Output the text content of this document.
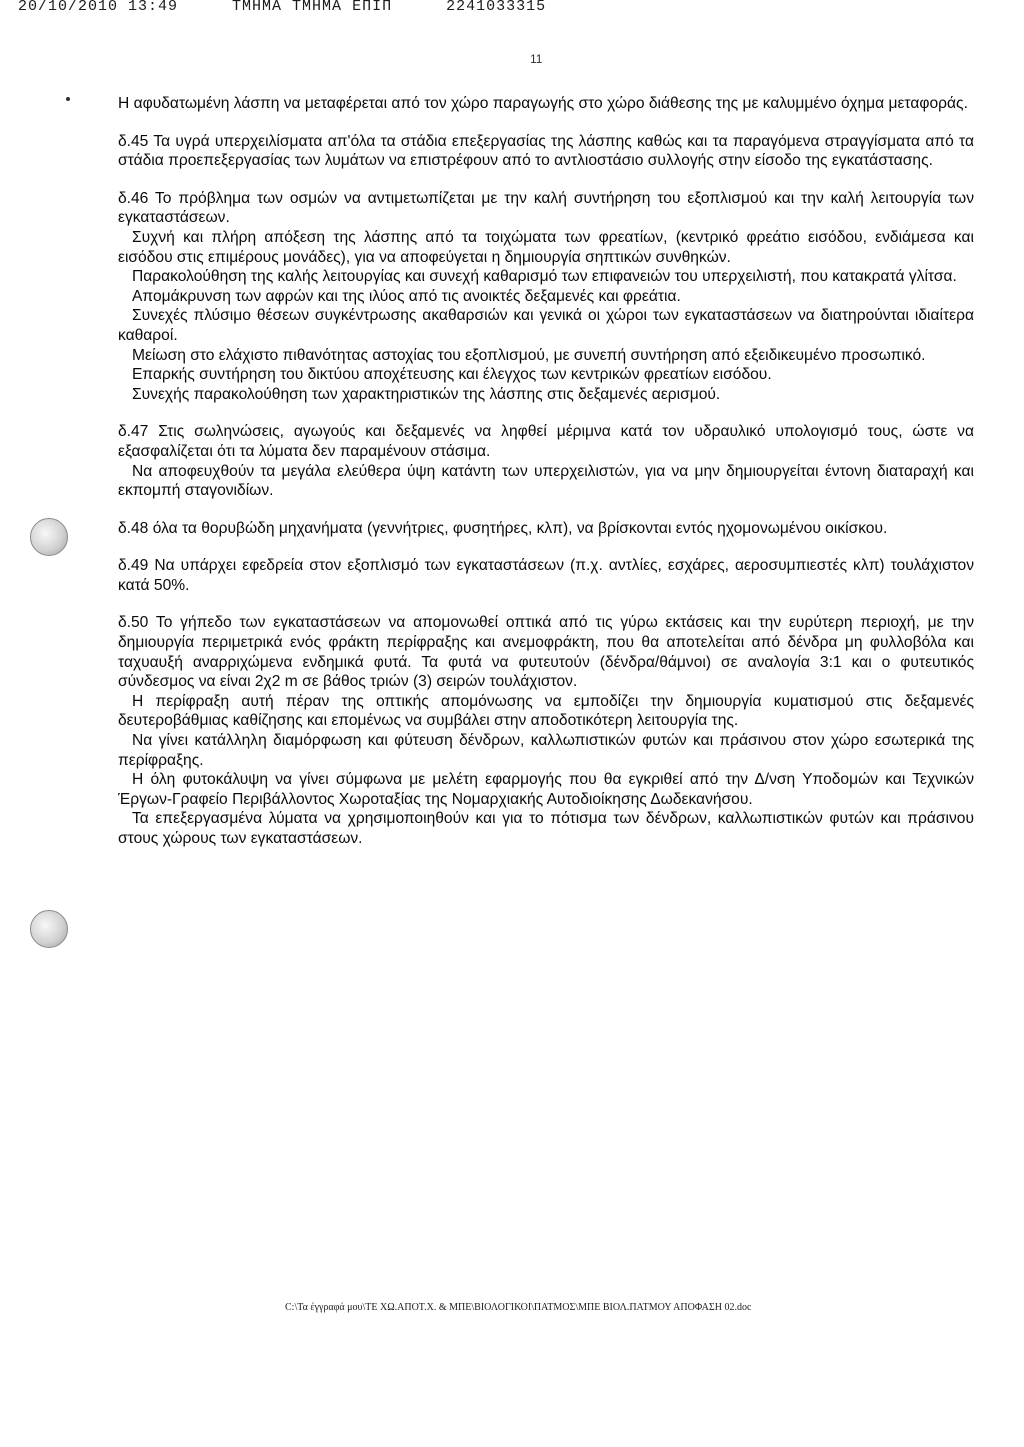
20/10/2010 13:49	ΤΜΗΜΑ ΤΜΗΜΑ ΕΠΙΠ	2241033315
11

Η αφυδατωμένη λάσπη να μεταφέρεται από τον χώρο παραγωγής στο χώρο διάθεσης της με καλυμμένο όχημα μεταφοράς.

δ.45 Τα υγρά υπερχειλίσματα απ'όλα τα στάδια επεξεργασίας της λάσπης καθώς και τα παραγόμενα στραγγίσματα από τα στάδια προεπεξεργασίας των λυμάτων να επιστρέφουν από το αντλιοστάσιο συλλογής στην είσοδο της εγκατάστασης.

δ.46 Το πρόβλημα των οσμών να αντιμετωπίζεται με την καλή συντήρηση του εξοπλισμού και την καλή λειτουργία των εγκαταστάσεων.

Συχνή και πλήρη απόξεση της λάσπης από τα τοιχώματα των φρεατίων, (κεντρικό φρεάτιο εισόδου, ενδιάμεσα και εισόδου στις επιμέρους μονάδες), για να αποφεύγεται η δημιουργία σηπτικών συνθηκών.

Παρακολούθηση της καλής λειτουργίας και συνεχή καθαρισμό των επιφανειών του υπερχειλιστή, που κατακρατά γλίτσα.

Απομάκρυνση των αφρών και της ιλύος από τις ανοικτές δεξαμενές και φρεάτια.

Συνεχές πλύσιμο θέσεων συγκέντρωσης ακαθαρσιών και γενικά οι χώροι των εγκαταστάσεων να διατηρούνται ιδιαίτερα καθαροί.

Μείωση στο ελάχιστο πιθανότητας αστοχίας του εξοπλισμού, με συνεπή συντήρηση από εξειδικευμένο προσωπικό.

Επαρκής συντήρηση του δικτύου αποχέτευσης και έλεγχος των κεντρικών φρεατίων εισόδου.

Συνεχής παρακολούθηση των χαρακτηριστικών της λάσπης στις δεξαμενές αερισμού.

δ.47 Στις σωληνώσεις, αγωγούς και δεξαμενές να ληφθεί μέριμνα κατά τον υδραυλικό υπολογισμό τους, ώστε να εξασφαλίζεται ότι τα λύματα δεν παραμένουν στάσιμα.

Να αποφευχθούν τα μεγάλα ελεύθερα ύψη κατάντη των υπερχειλιστών, για να μην δημιουργείται έντονη διαταραχή και εκπομπή σταγονιδίων.

δ.48 όλα τα θορυβώδη μηχανήματα (γεννήτριες, φυσητήρες, κλπ), να βρίσκονται εντός ηχομονωμένου οικίσκου.

δ.49 Να υπάρχει εφεδρεία στον εξοπλισμό των εγκαταστάσεων (π.χ. αντλίες, εσχάρες, αεροσυμπιεστές κλπ) τουλάχιστον κατά 50%.

δ.50 Το γήπεδο των εγκαταστάσεων να απομονωθεί οπτικά από τις γύρω εκτάσεις και την ευρύτερη περιοχή, με την δημιουργία περιμετρικά ενός φράκτη περίφραξης και ανεμοφράκτη, που θα αποτελείται από δένδρα μη φυλλοβόλα και ταχυαυξή αναρριχώμενα ενδημικά φυτά. Τα φυτά να φυτευτούν (δένδρα/θάμνοι) σε αναλογία 3:1 και ο φυτευτικός σύνδεσμος να είναι 2χ2 m σε βάθος τριών (3) σειρών τουλάχιστον.

Η περίφραξη αυτή πέραν της οπτικής απομόνωσης να εμποδίζει την δημιουργία κυματισμού στις δεξαμενές δευτεροβάθμιας καθίζησης και επομένως να συμβάλει στην αποδοτικότερη λειτουργία της.

Να γίνει κατάλληλη διαμόρφωση και φύτευση δένδρων, καλλωπιστικών φυτών και πράσινου στον χώρο εσωτερικά της περίφραξης.

Η όλη φυτοκάλυψη να γίνει σύμφωνα με μελέτη εφαρμογής που θα εγκριθεί από την Δ/νση Υποδομών και Τεχνικών Έργων-Γραφείο Περιβάλλοντος Χωροταξίας της Νομαρχιακής Αυτοδιοίκησης Δωδεκανήσου.

Τα επεξεργασμένα λύματα να χρησιμοποιηθούν και για το πότισμα των δένδρων, καλλωπιστικών φυτών και πράσινου στους χώρους των εγκαταστάσεων.

C:\Τα έγγραφά μου\ΤΕ ΧΩ.ΑΠΟΤ.Χ. & ΜΠΕ\ΒΙΟΛΟΓΙΚΟΙ\ΠΑΤΜΟΣ\ΜΠΕ ΒΙΟΛ.ΠΑΤΜΟΥ ΑΠΟΦΑΣΗ 02.doc
